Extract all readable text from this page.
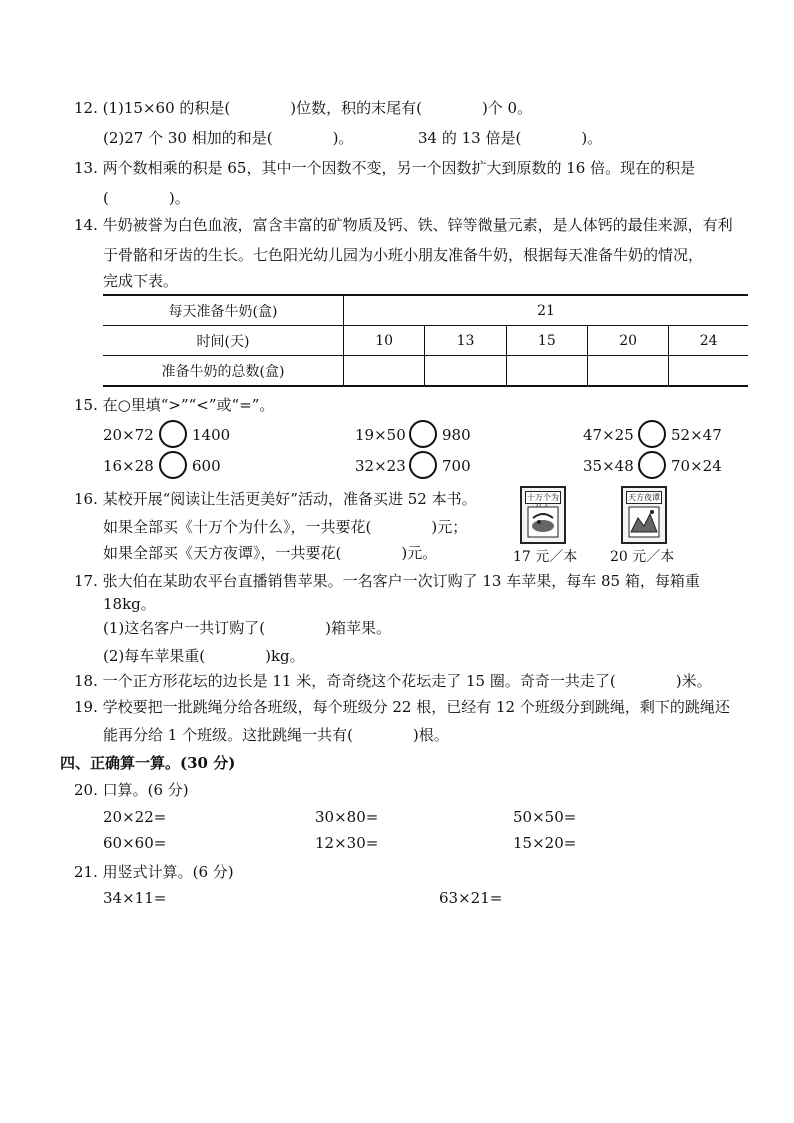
12. (1)15×60 的积是(　　　　)位数，积的末尾有(　　　　)个 0。
(2)27 个 30 相加的和是(　　　　)。	34 的 13 倍是(　　　　)。
13. 两个数相乘的积是 65，其中一个因数不变，另一个因数扩大到原数的 16 倍。现在的积是
(　　　　)。
14. 牛奶被誉为白色血液，富含丰富的矿物质及钙、铁、锌等微量元素，是人体钙的最佳来源，有利
于骨骼和牙齿的生长。七色阳光幼儿园为小班小朋友准备牛奶，根据每天准备牛奶的情况，
完成下表。
每天准备牛奶(盒)	21				
时间(天)	10	13	15	20	24
准备牛奶的总数(盒)					
15. 在○里填“>”“<”或“=”。
20×72	1400	19×50 980	47×25 52×47
16×28	600	32×23 700	35×48 70×24
16. 某校开展“阅读让生活更美好”活动，准备买进 52 本书。
如果全部买《十万个为什么》，一共要花(　　　　)元；
如果全部买《天方夜谭》，一共要花(　　　　)元。
十万个为
17 元／本
天方夜谭
20 元／本
17. 张大伯在某助农平台直播销售苹果。一名客户一次订购了 13 车苹果，每车 85 箱，每箱重
18kg。
(1)这名客户一共订购了(　　　　)箱苹果。
(2)每车苹果重(　　　　)kg。
18. 一个正方形花坛的边长是 11 米，奇奇绕这个花坛走了 15 圈。奇奇一共走了(　　　　)米。
19. 学校要把一批跳绳分给各班级，每个班级分 22 根，已经有 12 个班级分到跳绳，剩下的跳绳还
能再分给 1 个班级。这批跳绳一共有(　　　　)根。
四、正确算一算。(30 分)
20. 口算。(6 分)
20×22=	30×80=	50×50=
60×60=	12×30=	15×20=
21. 用竖式计算。(6 分)
34×11=	63×21=
